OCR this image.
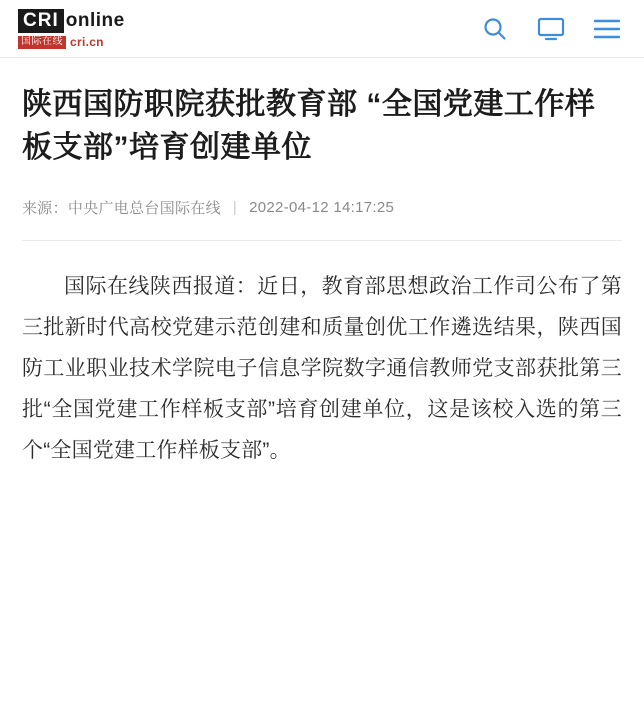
CRI online
国际在线 cri.cn
陕西国防职院获批教育部 “全国党建工作样板支部”培育创建单位
来源： 中央广电总台国际在线 | 2022-04-12 14:17:25

国际在线陕西报道：近日，教育部思想政治工作司公布了第三批新时代高校党建示范创建和质量创优工作遴选结果，陕西国防工业职业技术学院电子信息学院数字通信教师党支部获批第三批“全国党建工作样板支部”培育创建单位，这是该校入选的第三个“全国党建工作样板支部”。
